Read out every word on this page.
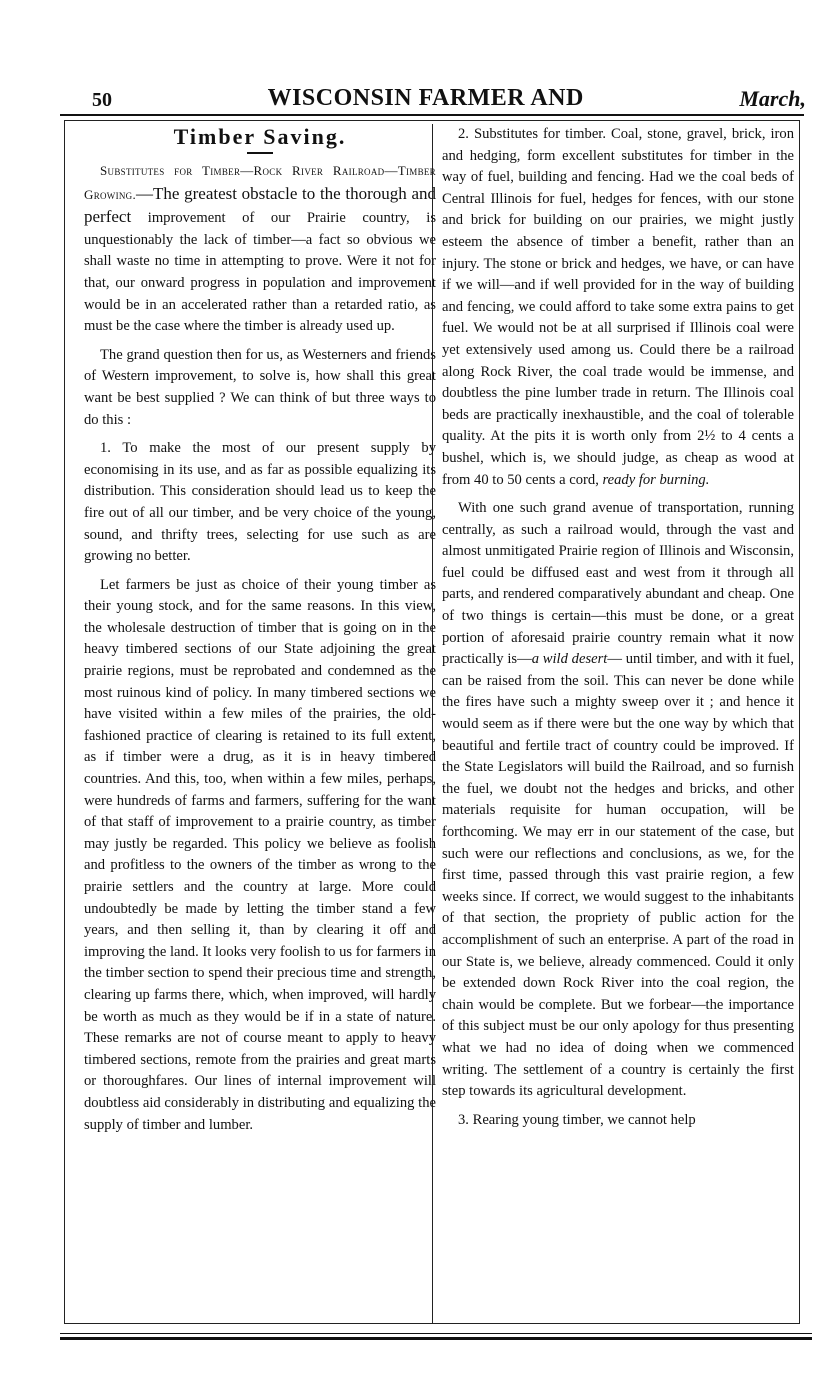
50	WISCONSIN FARMER AND	March,
Timber Saving.

Substitutes for Timber—Rock River Railroad—Timber Growing.—The greatest obstacle to the thorough and perfect improvement of our Prairie country, is unquestionably the lack of timber—a fact so obvious we shall waste no time in attempting to prove. Were it not for that, our onward progress in population and improvement would be in an accelerated rather than a retarded ratio, as must be the case where the timber is already used up.

The grand question then for us, as Westerners and friends of Western improvement, to solve is, how shall this great want be best supplied ? We can think of but three ways to do this :

1. To make the most of our present supply by economising in its use, and as far as possible equalizing its distribution. This consideration should lead us to keep the fire out of all our timber, and be very choice of the young, sound, and thrifty trees, selecting for use such as are growing no better.

Let farmers be just as choice of their young timber as their young stock, and for the same reasons. In this view, the wholesale destruction of timber that is going on in the heavy timbered sections of our State adjoining the great prairie regions, must be reprobated and condemned as the most ruinous kind of policy. In many timbered sections we have visited within a few miles of the prairies, the old-fashioned practice of clearing is retained to its full extent, as if timber were a drug, as it is in heavy timbered countries. And this, too, when within a few miles, perhaps, were hundreds of farms and farmers, suffering for the want of that staff of improvement to a prairie country, as timber may justly be regarded. This policy we believe as foolish and profitless to the owners of the timber as wrong to the prairie settlers and the country at large. More could undoubtedly be made by letting the timber stand a few years, and then selling it, than by clearing it off and improving the land. It looks very foolish to us for farmers in the timber section to spend their precious time and strength, clearing up farms there, which, when improved, will hardly be worth as much as they would be if in a state of nature. These remarks are not of course meant to apply to heavy timbered sections, remote from the prairies and great marts or thoroughfares. Our lines of internal improvement will doubtless aid considerably in distributing and equalizing the supply of timber and lumber.

2. Substitutes for timber. Coal, stone, gravel, brick, iron and hedging, form excellent substitutes for timber in the way of fuel, building and fencing. Had we the coal beds of Central Illinois for fuel, hedges for fences, with our stone and brick for building on our prairies, we might justly esteem the absence of timber a benefit, rather than an injury. The stone or brick and hedges, we have, or can have if we will—and if well provided for in the way of building and fencing, we could afford to take some extra pains to get fuel. We would not be at all surprised if Illinois coal were yet extensively used among us. Could there be a railroad along Rock River, the coal trade would be immense, and doubtless the pine lumber trade in return. The Illinois coal beds are practically inexhaustible, and the coal of tolerable quality. At the pits it is worth only from 2½ to 4 cents a bushel, which is, we should judge, as cheap as wood at from 40 to 50 cents a cord, ready for burning.

With one such grand avenue of transportation, running centrally, as such a railroad would, through the vast and almost unmitigated Prairie region of Illinois and Wisconsin, fuel could be diffused east and west from it through all parts, and rendered comparatively abundant and cheap. One of two things is certain—this must be done, or a great portion of aforesaid prairie country remain what it now practically is—a wild desert— until timber, and with it fuel, can be raised from the soil. This can never be done while the fires have such a mighty sweep over it ; and hence it would seem as if there were but the one way by which that beautiful and fertile tract of country could be improved. If the State Legislators will build the Railroad, and so furnish the fuel, we doubt not the hedges and bricks, and other materials requisite for human occupation, will be forthcoming. We may err in our statement of the case, but such were our reflections and conclusions, as we, for the first time, passed through this vast prairie region, a few weeks since. If correct, we would suggest to the inhabitants of that section, the propriety of public action for the accomplishment of such an enterprise. A part of the road in our State is, we believe, already commenced. Could it only be extended down Rock River into the coal region, the chain would be complete. But we forbear—the importance of this subject must be our only apology for thus presenting what we had no idea of doing when we commenced writing. The settlement of a country is certainly the first step towards its agricultural development.

3. Rearing young timber, we cannot help
